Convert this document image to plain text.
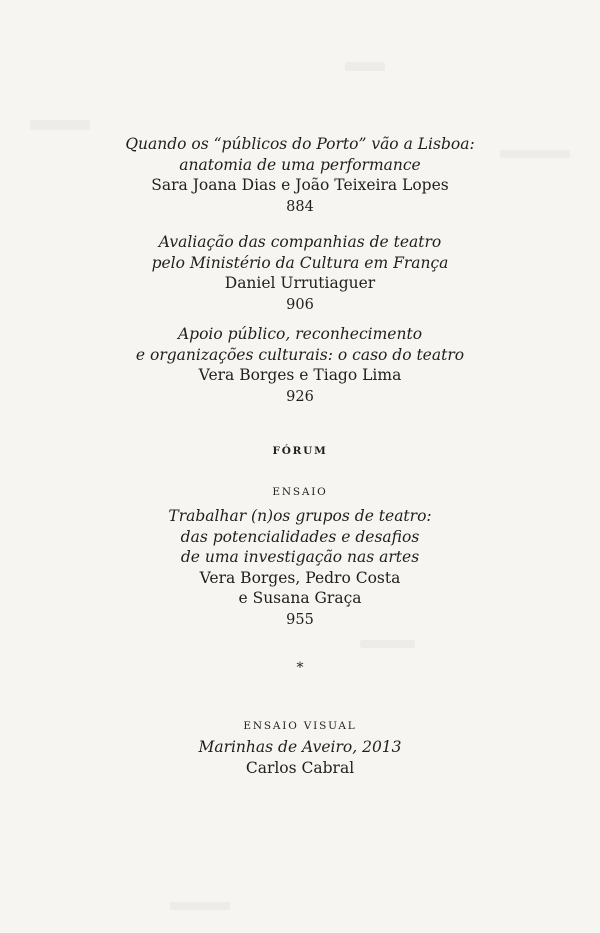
Quando os “públicos do Porto” vão a Lisboa:
anatomia de uma performance
Sara Joana Dias e João Teixeira Lopes
884
Avaliação das companhias de teatro
pelo Ministério da Cultura em França
Daniel Urrutiaguer
906
Apoio público, reconhecimento
e organizações culturais: o caso do teatro
Vera Borges e Tiago Lima
926
FÓRUM
ENSAIO
Trabalhar (n)os grupos de teatro:
das potencialidades e desafios
de uma investigação nas artes
Vera Borges, Pedro Costa
e Susana Graça
955
*
ENSAIO VISUAL
Marinhas de Aveiro, 2013
Carlos Cabral
